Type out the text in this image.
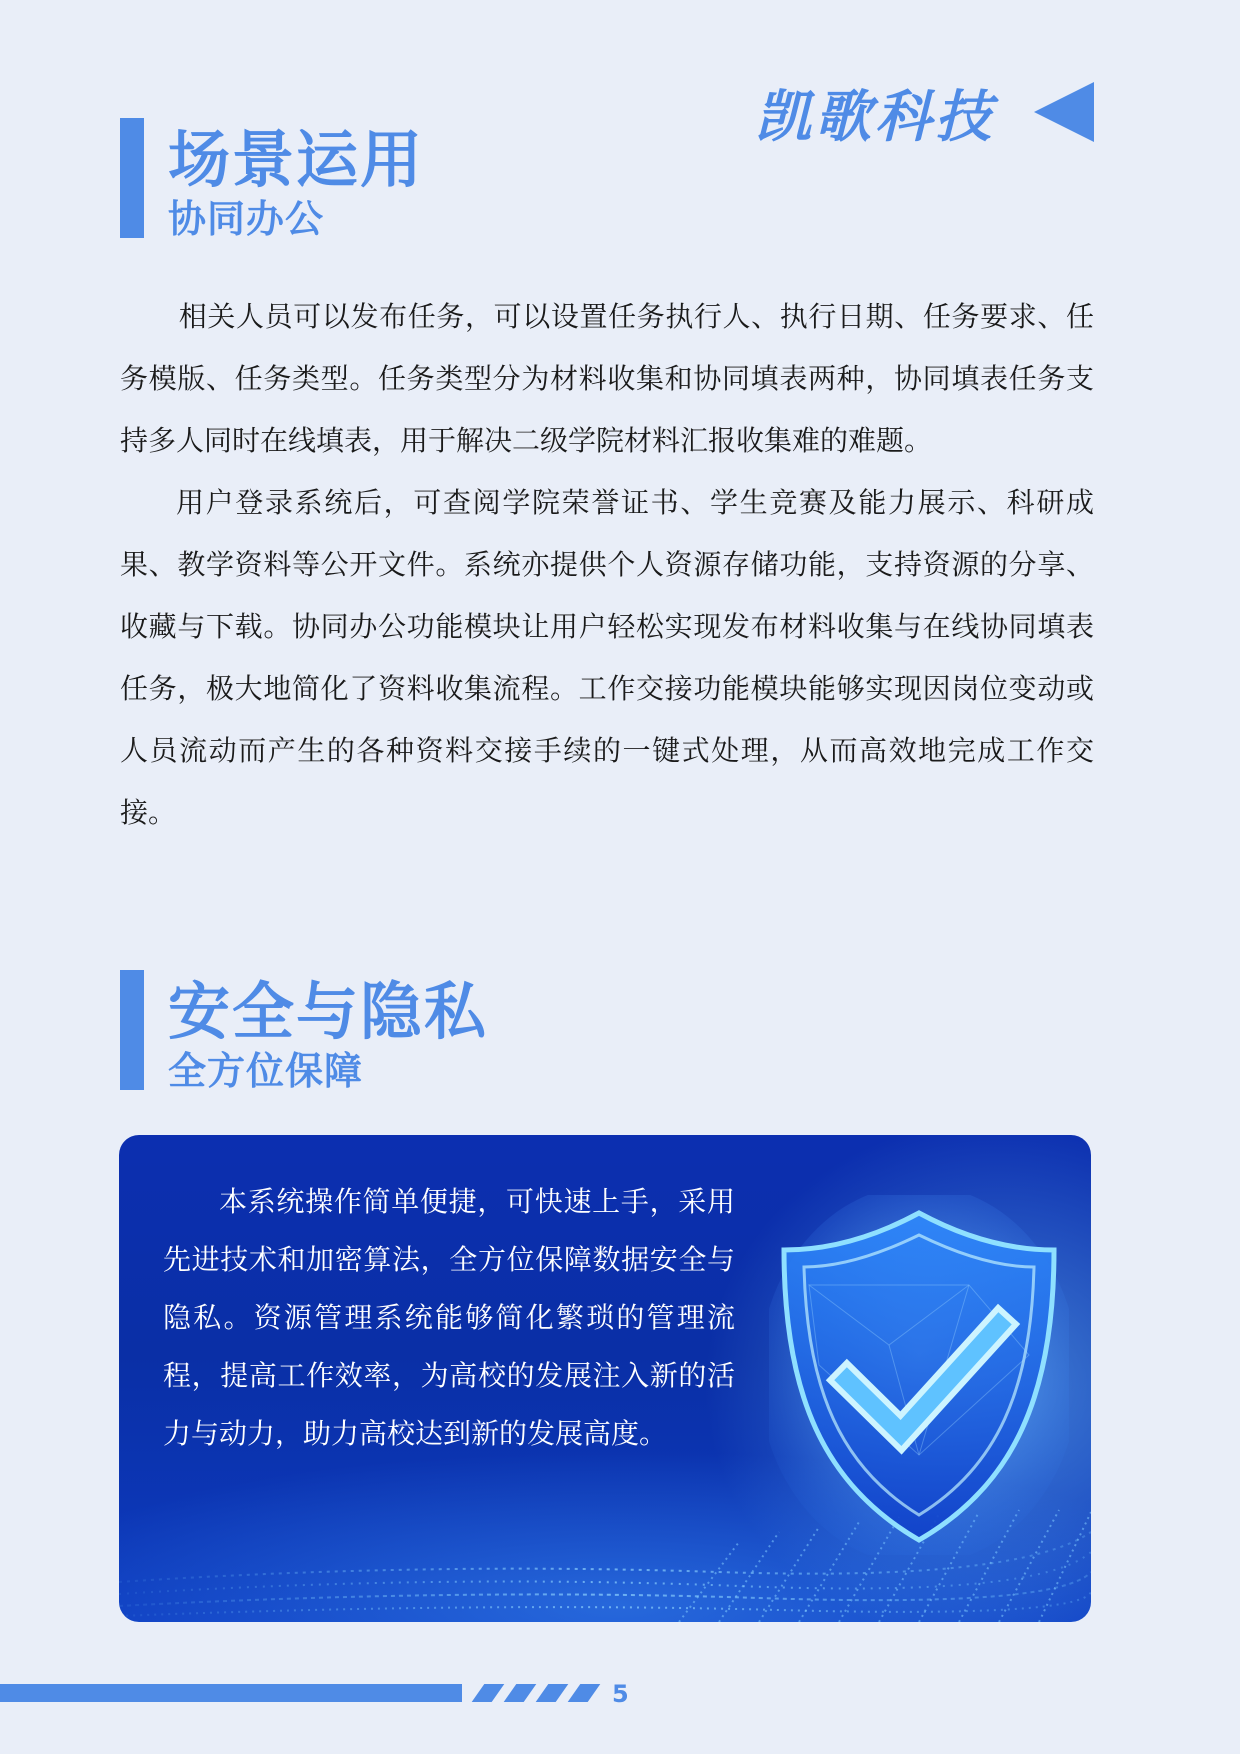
凯歌科技
场景运用
协同办公

相关人员可以发布任务，可以设置任务执行人、执行日期、任务要求、任务模版、任务类型。任务类型分为材料收集和协同填表两种，协同填表任务支持多人同时在线填表，用于解决二级学院材料汇报收集难的难题。

用户登录系统后，可查阅学院荣誉证书、学生竞赛及能力展示、科研成果、教学资料等公开文件。系统亦提供个人资源存储功能，支持资源的分享、收藏与下载。协同办公功能模块让用户轻松实现发布材料收集与在线协同填表任务，极大地简化了资料收集流程。工作交接功能模块能够实现因岗位变动或人员流动而产生的各种资料交接手续的一键式处理，从而高效地完成工作交接。

安全与隐私
全方位保障

本系统操作简单便捷，可快速上手，采用先进技术和加密算法，全方位保障数据安全与隐私。资源管理系统能够简化繁琐的管理流程，提高工作效率，为高校的发展注入新的活力与动力，助力高校达到新的发展高度。

5
